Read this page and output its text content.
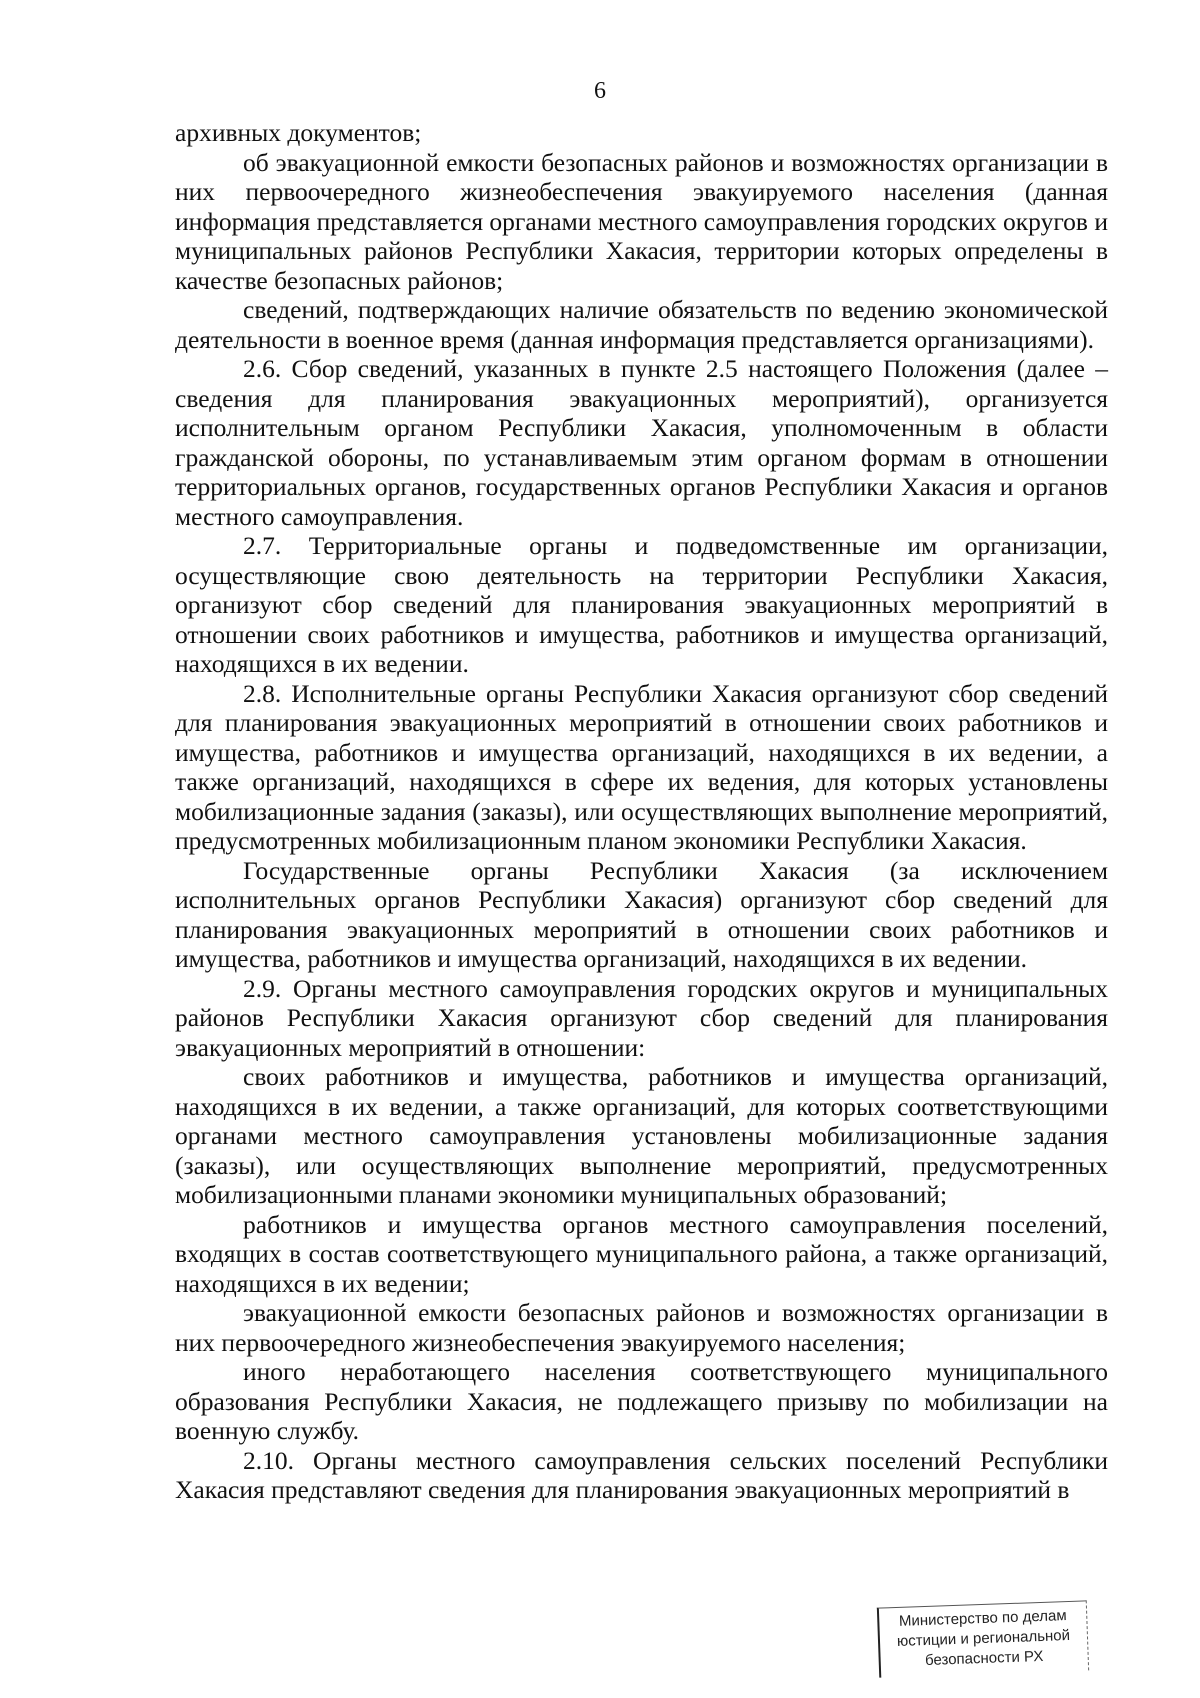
6

архивных документов;

об эвакуационной емкости безопасных районов и возможностях организации в них первоочередного жизнеобеспечения эвакуируемого населения (данная информация представляется органами местного самоуправления городских округов и муниципальных районов Республики Хакасия, территории которых определены в качестве безопасных районов;

сведений, подтверждающих наличие обязательств по ведению экономической деятельности в военное время (данная информация представляется организациями).

2.6. Сбор сведений, указанных в пункте 2.5 настоящего Положения (далее – сведения для планирования эвакуационных мероприятий), организуется исполнительным органом Республики Хакасия, уполномоченным в области гражданской обороны, по устанавливаемым этим органом формам в отношении территориальных органов, государственных органов Республики Хакасия и органов местного самоуправления.

2.7. Территориальные органы и подведомственные им организации, осуществляющие свою деятельность на территории Республики Хакасия, организуют сбор сведений для планирования эвакуационных мероприятий в отношении своих работников и имущества, работников и имущества организаций, находящихся в их ведении.

2.8. Исполнительные органы Республики Хакасия организуют сбор сведений для планирования эвакуационных мероприятий в отношении своих работников и имущества, работников и имущества организаций, находящихся в их ведении, а также организаций, находящихся в сфере их ведения, для которых установлены мобилизационные задания (заказы), или осуществляющих выполнение мероприятий, предусмотренных мобилизационным планом экономики Республики Хакасия.

Государственные органы Республики Хакасия (за исключением исполнительных органов Республики Хакасия) организуют сбор сведений для планирования эвакуационных мероприятий в отношении своих работников и имущества, работников и имущества организаций, находящихся в их ведении.

2.9. Органы местного самоуправления городских округов и муниципальных районов Республики Хакасия организуют сбор сведений для планирования эвакуационных мероприятий в отношении:

своих работников и имущества, работников и имущества организаций, находящихся в их ведении, а также организаций, для которых соответствующими органами местного самоуправления установлены мобилизационные задания (заказы), или осуществляющих выполнение мероприятий, предусмотренных мобилизационными планами экономики муниципальных образований;

работников и имущества органов местного самоуправления поселений, входящих в состав соответствующего муниципального района, а также организаций, находящихся в их ведении;

эвакуационной емкости безопасных районов и возможностях организации в них первоочередного жизнеобеспечения эвакуируемого населения;

иного неработающего населения соответствующего муниципального образования Республики Хакасия, не подлежащего призыву по мобилизации на военную службу.

2.10. Органы местного самоуправления сельских поселений Республики Хакасия представляют сведения для планирования эвакуационных мероприятий в

Министерство по делам
юстиции и региональной
безопасности РХ
